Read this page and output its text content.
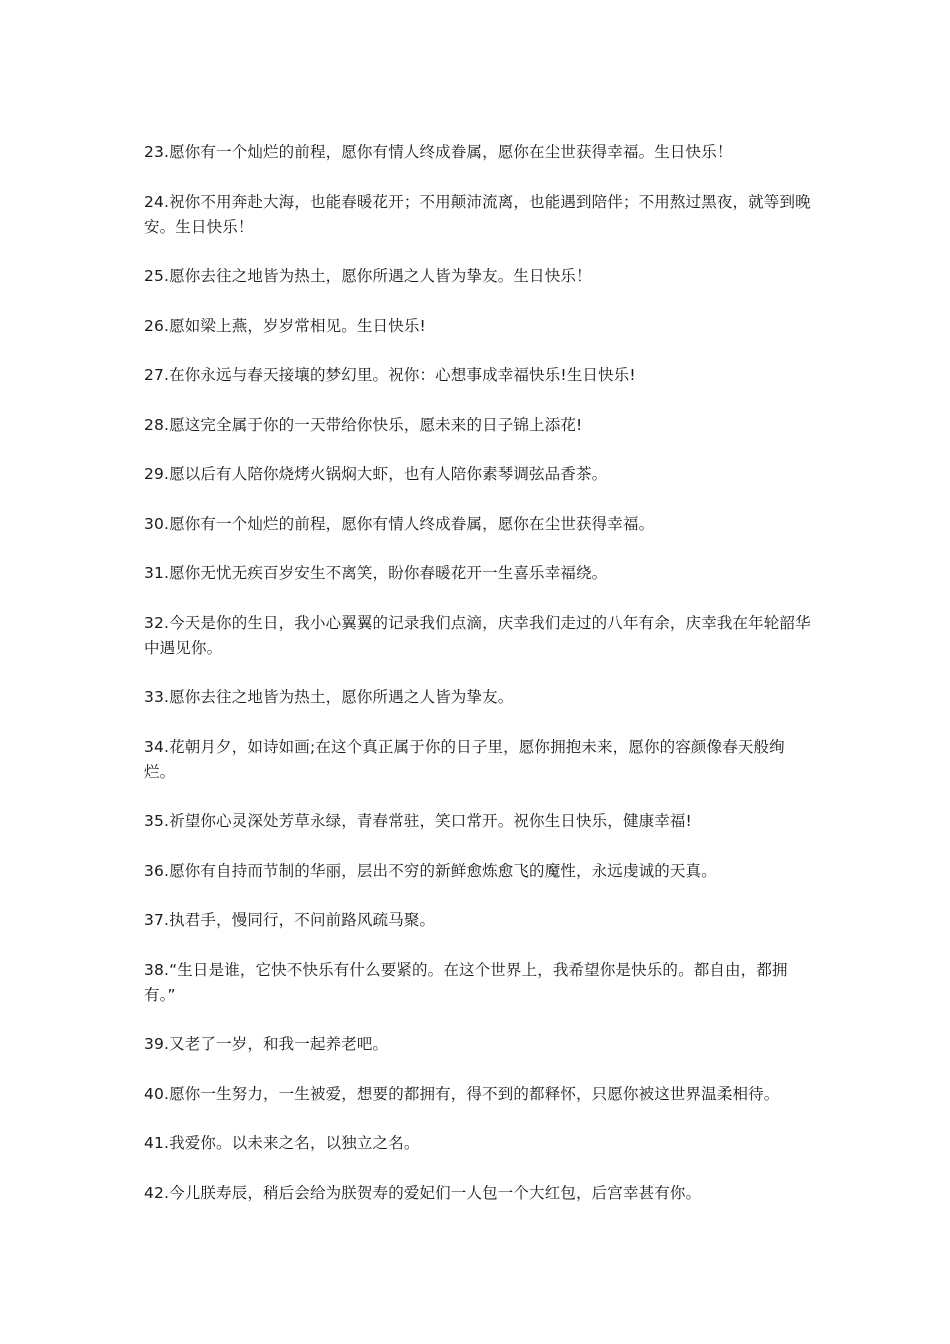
23.愿你有一个灿烂的前程，愿你有情人终成眷属，愿你在尘世获得幸福。生日快乐！

24.祝你不用奔赴大海，也能春暖花开；不用颠沛流离，也能遇到陪伴；不用熬过黑夜，就等到晚安。生日快乐！

25.愿你去往之地皆为热土，愿你所遇之人皆为挚友。生日快乐！

26.愿如梁上燕，岁岁常相见。生日快乐!

27.在你永远与春天接壤的梦幻里。祝你：心想事成幸福快乐!生日快乐!

28.愿这完全属于你的一天带给你快乐，愿未来的日子锦上添花!

29.愿以后有人陪你烧烤火锅焖大虾，也有人陪你素琴调弦品香茶。

30.愿你有一个灿烂的前程，愿你有情人终成眷属，愿你在尘世获得幸福。

31.愿你无忧无疾百岁安生不离笑，盼你春暖花开一生喜乐幸福绕。

32.今天是你的生日，我小心翼翼的记录我们点滴，庆幸我们走过的八年有余，庆幸我在年轮韶华中遇见你。

33.愿你去往之地皆为热土，愿你所遇之人皆为挚友。

34.花朝月夕，如诗如画;在这个真正属于你的日子里，愿你拥抱未来，愿你的容颜像春天般绚烂。

35.祈望你心灵深处芳草永绿，青春常驻，笑口常开。祝你生日快乐，健康幸福!

36.愿你有自持而节制的华丽，层出不穷的新鲜愈炼愈飞的魔性，永远虔诚的天真。

37.执君手，慢同行，不问前路风疏马聚。

38.“生日是谁，它快不快乐有什么要紧的。在这个世界上，我希望你是快乐的。都自由，都拥有。”

39.又老了一岁，和我一起养老吧。

40.愿你一生努力，一生被爱，想要的都拥有，得不到的都释怀，只愿你被这世界温柔相待。

41.我爱你。以未来之名，以独立之名。

42.今儿朕寿辰，稍后会给为朕贺寿的爱妃们一人包一个大红包，后宫幸甚有你。
